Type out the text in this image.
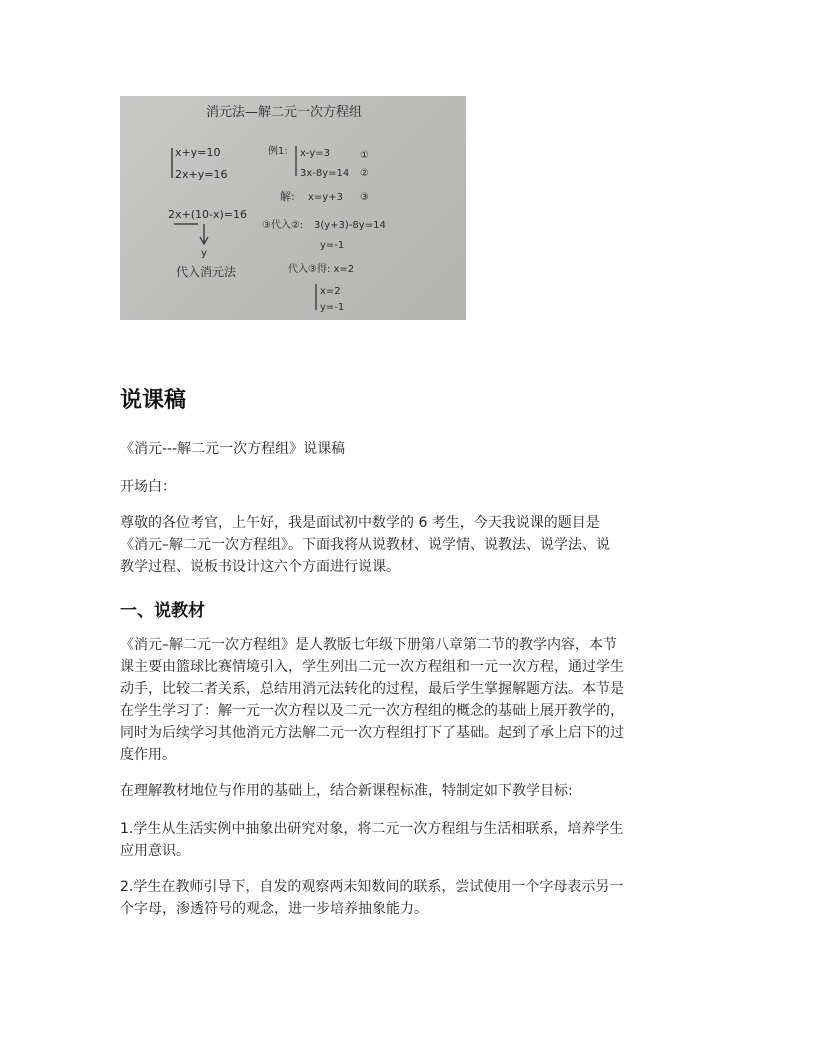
消元法—解二元一次方程组
x+y=10
2x+y=16
2x+(10-x)=16
y
代入消元法
例1: x-y=3	①
3x-8y=14 ②
解: x=y+3 ③
③代入②: 3(y+3)-8y=14
y=-1
代入③得: x=2
x=2
y=-1
说课稿

《消元---解二元一次方程组》说课稿

开场白：

尊敬的各位考官，上午好，我是面试初中数学的 6 考生，今天我说课的题目是

《消元–解二元一次方程组》。下面我将从说教材、说学情、说教法、说学法、说

教学过程、说板书设计这六个方面进行说课。

一、说教材

《消元–解二元一次方程组》是人教版七年级下册第八章第二节的教学内容，本节

课主要由篮球比赛情境引入，学生列出二元一次方程组和一元一次方程，通过学生

动手，比较二者关系，总结用消元法转化的过程，最后学生掌握解题方法。本节是

在学生学习了：解一元一次方程以及二元一次方程组的概念的基础上展开教学的，

同时为后续学习其他消元方法解二元一次方程组打下了基础。起到了承上启下的过

度作用。

在理解教材地位与作用的基础上，结合新课程标准，特制定如下教学目标:

1.学生从生活实例中抽象出研究对象，将二元一次方程组与生活相联系，培养学生

应用意识。

2.学生在教师引导下，自发的观察两未知数间的联系，尝试使用一个字母表示另一

个字母，渗透符号的观念，进一步培养抽象能力。
